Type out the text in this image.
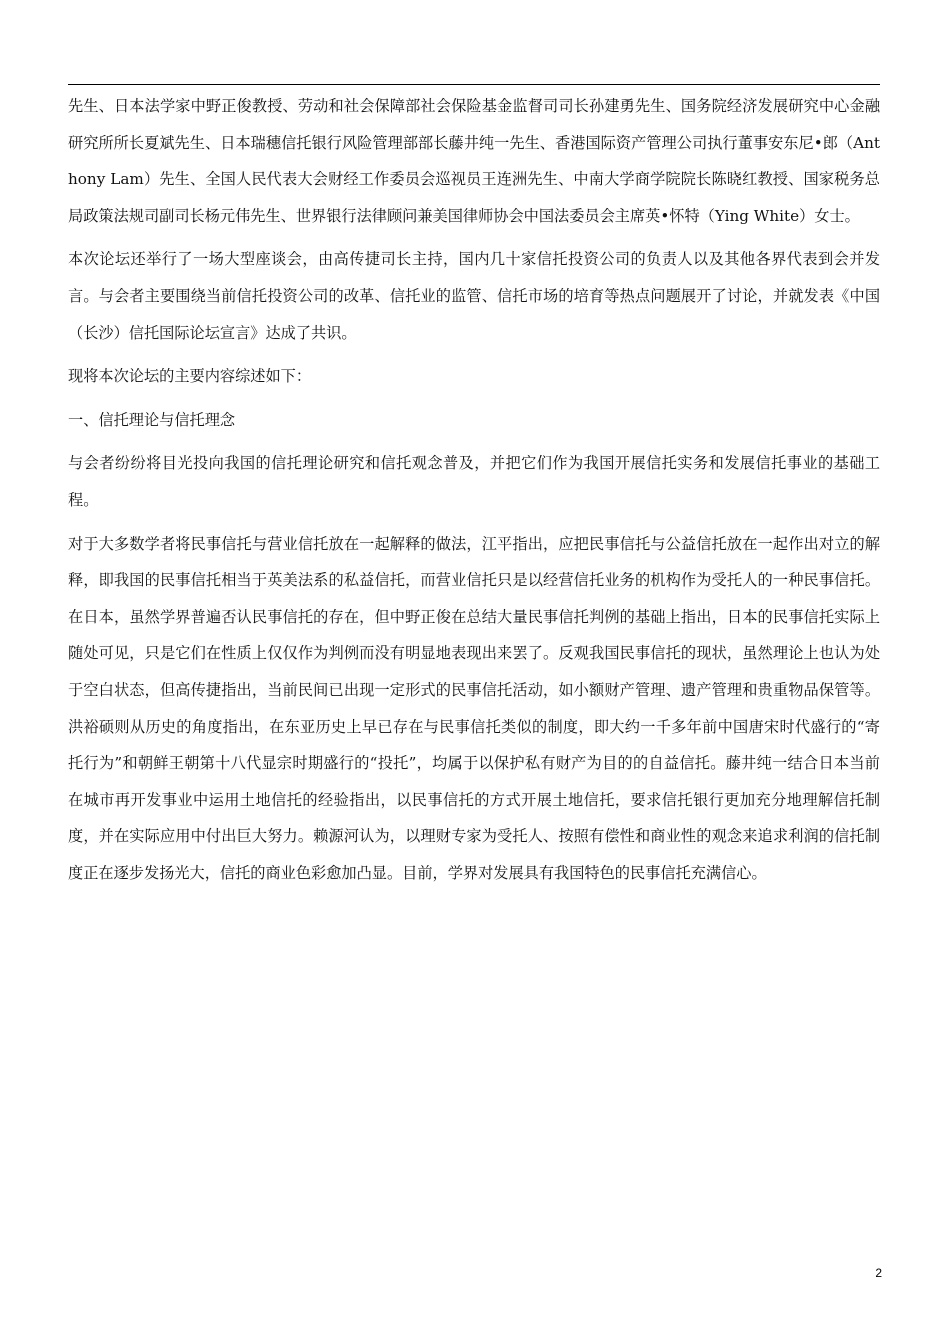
先生、日本法学家中野正俊教授、劳动和社会保障部社会保险基金监督司司长孙建勇先生、国务院经济发展研究中心金融研究所所长夏斌先生、日本瑞穗信托银行风险管理部部长藤井纯一先生、香港国际资产管理公司执行董事安东尼•郎（Anthony Lam）先生、全国人民代表大会财经工作委员会巡视员王连洲先生、中南大学商学院院长陈晓红教授、国家税务总局政策法规司副司长杨元伟先生、世界银行法律顾问兼美国律师协会中国法委员会主席英•怀特（Ying White）女士。

本次论坛还举行了一场大型座谈会，由高传捷司长主持，国内几十家信托投资公司的负责人以及其他各界代表到会并发言。与会者主要围绕当前信托投资公司的改革、信托业的监管、信托市场的培育等热点问题展开了讨论，并就发表《中国（长沙）信托国际论坛宣言》达成了共识。

现将本次论坛的主要内容综述如下：

一、信托理论与信托理念

与会者纷纷将目光投向我国的信托理论研究和信托观念普及，并把它们作为我国开展信托实务和发展信托事业的基础工程。

对于大多数学者将民事信托与营业信托放在一起解释的做法，江平指出，应把民事信托与公益信托放在一起作出对立的解释，即我国的民事信托相当于英美法系的私益信托，而营业信托只是以经营信托业务的机构作为受托人的一种民事信托。在日本，虽然学界普遍否认民事信托的存在，但中野正俊在总结大量民事信托判例的基础上指出，日本的民事信托实际上随处可见，只是它们在性质上仅仅作为判例而没有明显地表现出来罢了。反观我国民事信托的现状，虽然理论上也认为处于空白状态，但高传捷指出，当前民间已出现一定形式的民事信托活动，如小额财产管理、遗产管理和贵重物品保管等。洪裕硕则从历史的角度指出，在东亚历史上早已存在与民事信托类似的制度，即大约一千多年前中国唐宋时代盛行的“寄托行为”和朝鲜王朝第十八代显宗时期盛行的“投托”，均属于以保护私有财产为目的的自益信托。藤井纯一结合日本当前在城市再开发事业中运用土地信托的经验指出，以民事信托的方式开展土地信托，要求信托银行更加充分地理解信托制度，并在实际应用中付出巨大努力。赖源河认为，以理财专家为受托人、按照有偿性和商业性的观念来追求利润的信托制度正在逐步发扬光大，信托的商业色彩愈加凸显。目前，学界对发展具有我国特色的民事信托充满信心。

2
